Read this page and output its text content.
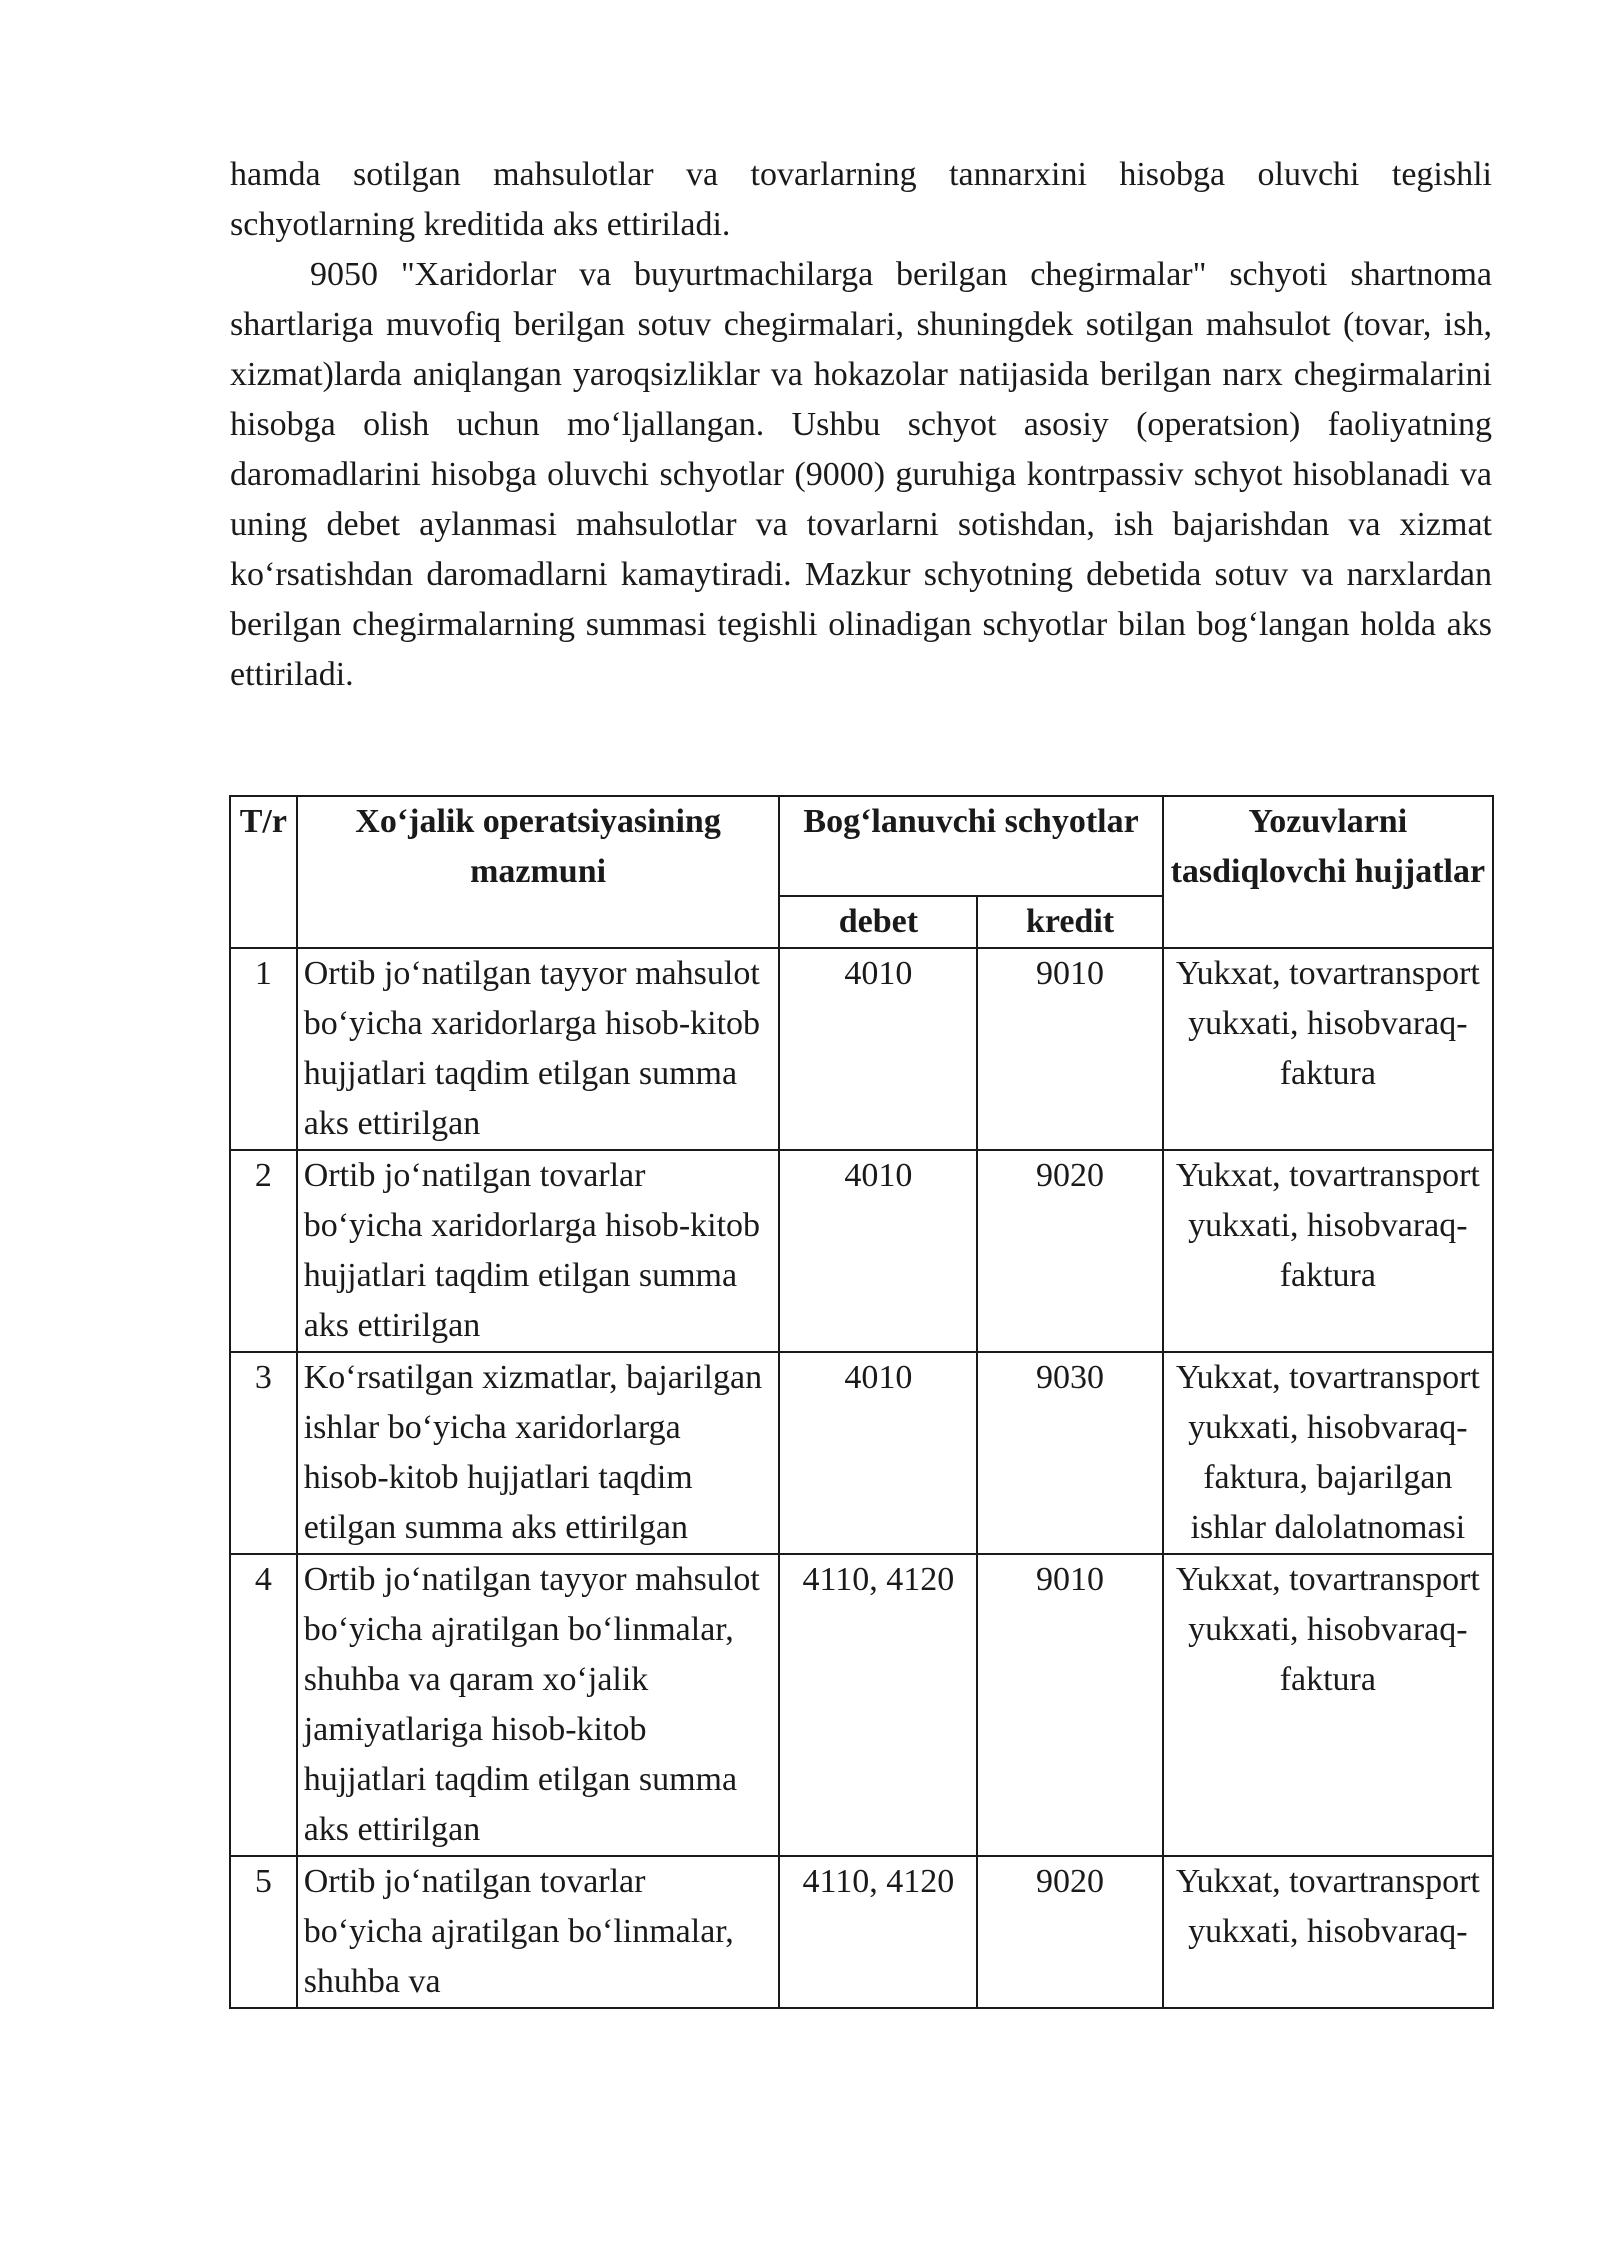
hamda sotilgan mahsulotlar va tovarlarning tannarxini hisobga oluvchi tegishli schyotlarning kreditida aks ettiriladi.

9050 "Xaridorlar va buyurtmachilarga berilgan chegirmalar" schyoti shartnoma shartlariga muvofiq berilgan sotuv chegirmalari, shuningdek sotilgan mahsulot (tovar, ish, xizmat)larda aniqlangan yaroqsizliklar va hokazolar natijasida berilgan narx chegirmalarini hisobga olish uchun mo‘ljallangan. Ushbu schyot asosiy (operatsion) faoliyatning daromadlarini hisobga oluvchi schyotlar (9000) guruhiga kontrpassiv schyot hisoblanadi va uning debet aylanmasi mahsulotlar va tovarlarni sotishdan, ish bajarishdan va xizmat ko‘rsatishdan daromadlarni kamaytiradi. Mazkur schyotning debetida sotuv va narxlardan berilgan chegirmalarning summasi tegishli olinadigan schyotlar bilan bog‘langan holda aks ettiriladi.

T/r	Xo‘jalik operatsiyasining mazmuni	Bog‘lanuvchi schyotlar		Yozuvlarni tasdiqlovchi hujjatlar
		debet	kredit	
1	Ortib jo‘natilgan tayyor mahsulot bo‘yicha xaridorlarga hisob-kitob hujjatlari taqdim etilgan summa aks ettirilgan	4010	9010	Yukxat, tovartransport yukxati, hisobvaraq-faktura
2	Ortib jo‘natilgan tovarlar bo‘yicha xaridorlarga hisob-kitob hujjatlari taqdim etilgan summa aks ettirilgan	4010	9020	Yukxat, tovartransport yukxati, hisobvaraq-faktura
3	Ko‘rsatilgan xizmatlar, bajarilgan ishlar bo‘yicha xaridorlarga hisob-kitob hujjatlari taqdim etilgan summa aks ettirilgan	4010	9030	Yukxat, tovartransport yukxati, hisobvaraq-faktura, bajarilgan ishlar dalolatnomasi
4	Ortib jo‘natilgan tayyor mahsulot bo‘yicha ajratilgan bo‘linmalar, shuhba va qaram xo‘jalik jamiyatlariga hisob-kitob hujjatlari taqdim etilgan summa aks ettirilgan	4110, 4120	9010	Yukxat, tovartransport yukxati, hisobvaraq-faktura
5	Ortib jo‘natilgan tovarlar bo‘yicha ajratilgan bo‘linmalar, shuhba va	4110, 4120	9020	Yukxat, tovartransport yukxati, hisobvaraq-
